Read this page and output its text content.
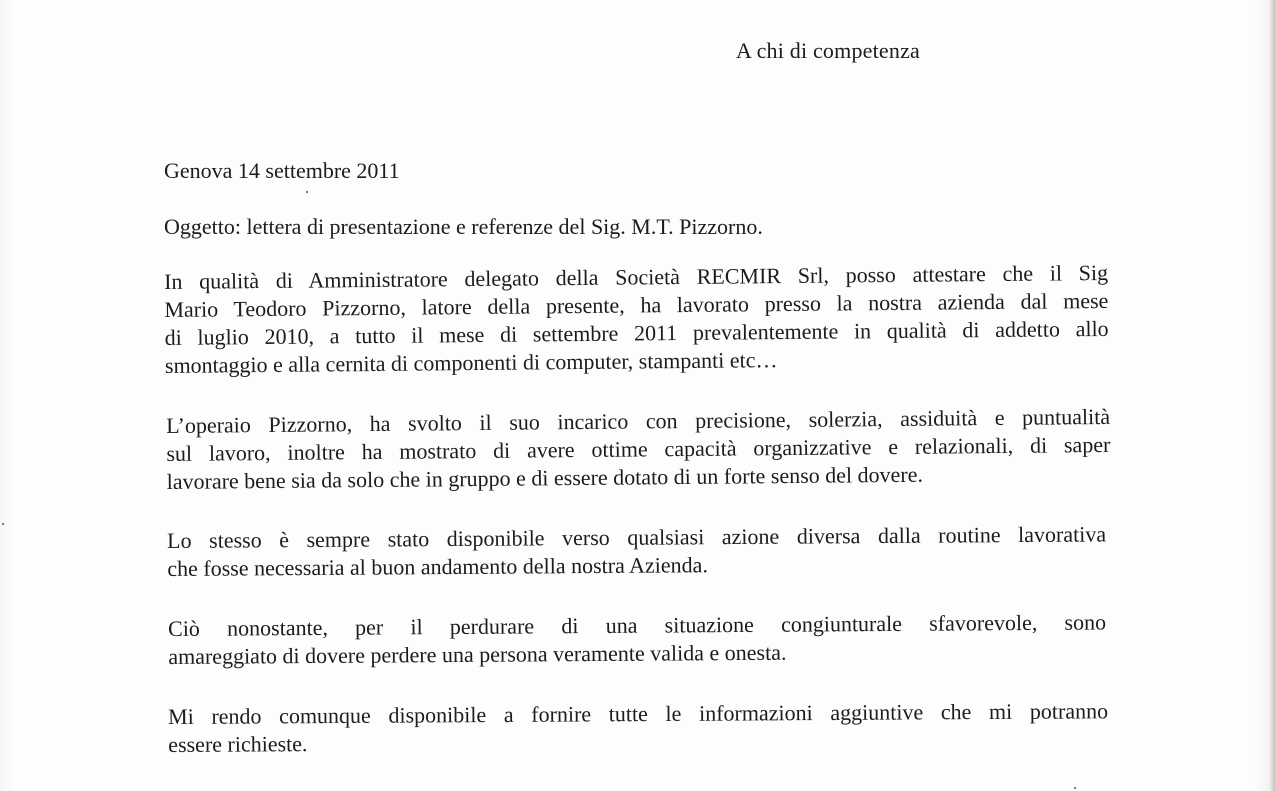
A chi di competenza
Genova 14 settembre 2011
Oggetto: lettera di presentazione e referenze del Sig. M.T. Pizzorno.
In qualità di Amministratore delegato della Società RECMIR Srl, posso attestare che il Sig
Mario Teodoro Pizzorno, latore della presente, ha lavorato presso la nostra azienda dal mese
di luglio 2010, a tutto il mese di settembre 2011 prevalentemente in qualità di addetto allo
smontaggio e alla cernita di componenti di computer, stampanti etc…
L’operaio Pizzorno, ha svolto il suo incarico con precisione, solerzia, assiduità e puntualità
sul lavoro, inoltre ha mostrato di avere ottime capacità organizzative e relazionali, di saper
lavorare bene sia da solo che in gruppo e di essere dotato di un forte senso del dovere.
Lo stesso è sempre stato disponibile verso qualsiasi azione diversa dalla routine lavorativa
che fosse necessaria al buon andamento della nostra Azienda.
Ciò nonostante, per il perdurare di una situazione congiunturale sfavorevole, sono
amareggiato di dovere perdere una persona veramente valida e onesta.
Mi rendo comunque disponibile a fornire tutte le informazioni aggiuntive che mi potranno
essere richieste.
